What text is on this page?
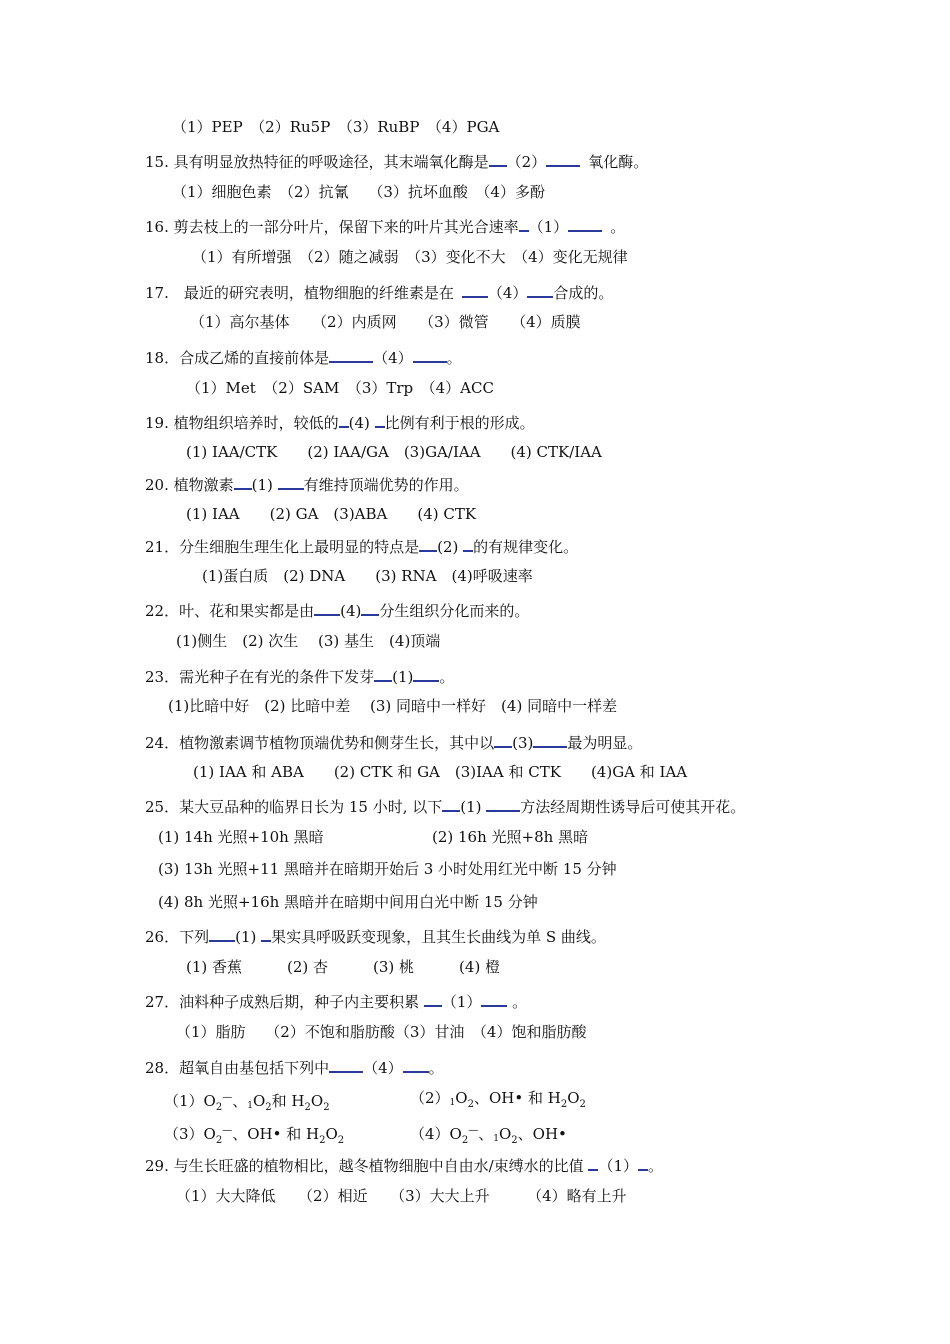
（1）PEP　（2）Ru5P　（3）RuBP　（4）PGA
15. 具有明显放热特征的呼吸途径，其末端氧化酶是 （2）	氧化酶。
（1）细胞色素　（2）抗氰　 （3）抗坏血酸　（4）多酚
16. 剪去枝上的一部分叶片，保留下来的叶片其光合速率 （1）	。
（1）有所增强　（2）随之减弱　（3）变化不大　（4）变化无规律
17.　最近的研究表明，植物细胞的纤维素是在 （4） 合成的。
（1）高尔基体　　（2）内质网　　（3）微管　　（4）质膜
18．合成乙烯的直接前体是	（4） 。
（1）Met　（2）SAM　（3）Trp　（4）ACC
19. 植物组织培养时，较低的 (4) 比例有利于根的形成。
(1) IAA/CTK　　(2) IAA/GA　(3)GA/IAA　　(4) CTK/IAA
20. 植物激素 (1) 有维持顶端优势的作用。
(1) IAA　　(2) GA　(3)ABA　　(4) CTK
21．分生细胞生理生化上最明显的特点是 (2) 的有规律变化。
(1)蛋白质　(2) DNA　　(3) RNA　(4)呼吸速率
22．叶、花和果实都是由 (4) 分生组织分化而来的。
(1)侧生　(2) 次生　 (3) 基生　(4)顶端
23．需光种子在有光的条件下发芽 (1) 。
(1)比暗中好　(2) 比暗中差　 (3) 同暗中一样好　(4) 同暗中一样差
24．植物激素调节植物顶端优势和侧芽生长，其中以 (3) 最为明显。
(1) IAA 和 ABA　　(2) CTK 和 GA　(3)IAA 和 CTK　　(4)GA 和 IAA
25．某大豆品种的临界日长为 15 小时, 以下 (1) 方法经周期性诱导后可使其开花。
(1) 14h 光照+10h 黑暗	(2) 16h 光照+8h 黑暗
(3) 13h 光照+11 黑暗并在暗期开始后 3 小时处用红光中断 15 分钟
(4) 8h 光照+16h 黑暗并在暗期中间用白光中断 15 分钟
26．下列 (1) 果实具呼吸跃变现象，且其生长曲线为单 S 曲线。
(1) 香蕉　　　(2) 杏　　　(3) 桃　　　(4) 橙
27．油料种子成熟后期，种子内主要积累 （1） 。
（1）脂肪　 （2）不饱和脂肪酸（3）甘油　（4）饱和脂肪酸
28．超氧自由基包括下列中 （4） 。
$(1)O_2^—$、$1O_2$和 $H_2O_2$
$(2)1O_2$、OH• 和 $H_2O_2$
$(3)O_2^—$、OH• 和 $H_2O_2$	$(4)O_2^—$、$1O_2$、OH•
29. 与生长旺盛的植物相比，越冬植物细胞中自由水/束缚水的比值 （1） 。
（1）大大降低　　（2）相近　　（3）大大上升　　　（4）略有上升
